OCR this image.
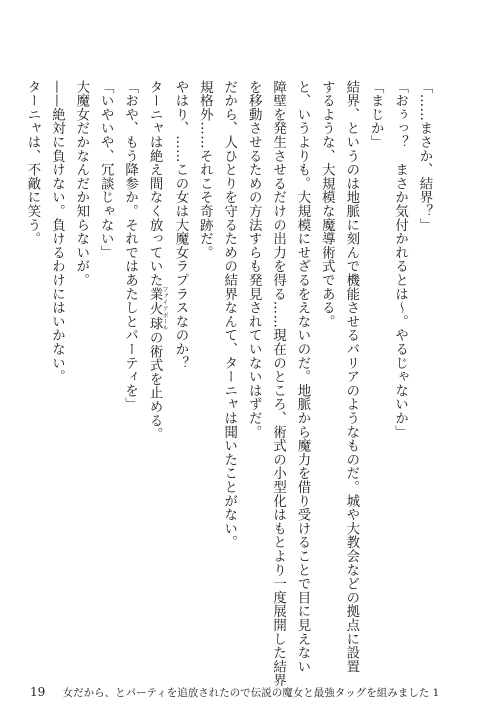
「……まさか、結界？」
「おぅっ？　まさか気付かれるとは〜。やるじゃないか」
「まじか」
結界、というのは地脈に刻んで機能させるバリアのようなものだ。城や大教会などの拠点に設置
するような、大規模な魔導術式である。
と、いうよりも。大規模にせざるをえないのだ。地脈から魔力を借り受けることで目に見えない
障壁を発生させるだけの出力を得る……現在のところ、術式の小型化はもとより一度展開した結界
を移動させるための方法すらも発見されていないはずだ。
だから、人ひとりを守るための結界なんて、ターニャは聞いたことがない。
規格外……それこそ奇跡だ。
やはり、……この女は大魔女ラプラスなのか？
ターニャは絶え間なく放っていた業火球 ファイアボールの術式を止める。
「おや、もう降参か。それではあたしとパーティを」
「いやいや、冗談じゃない」
大魔女だかなんだか知らないが。
——絶対に負けない。負けるわけにはいかない。
ターニャは、不敵に笑う。
19 女だから、とパーティを追放されたので伝説の魔女と最強タッグを組みました 1
